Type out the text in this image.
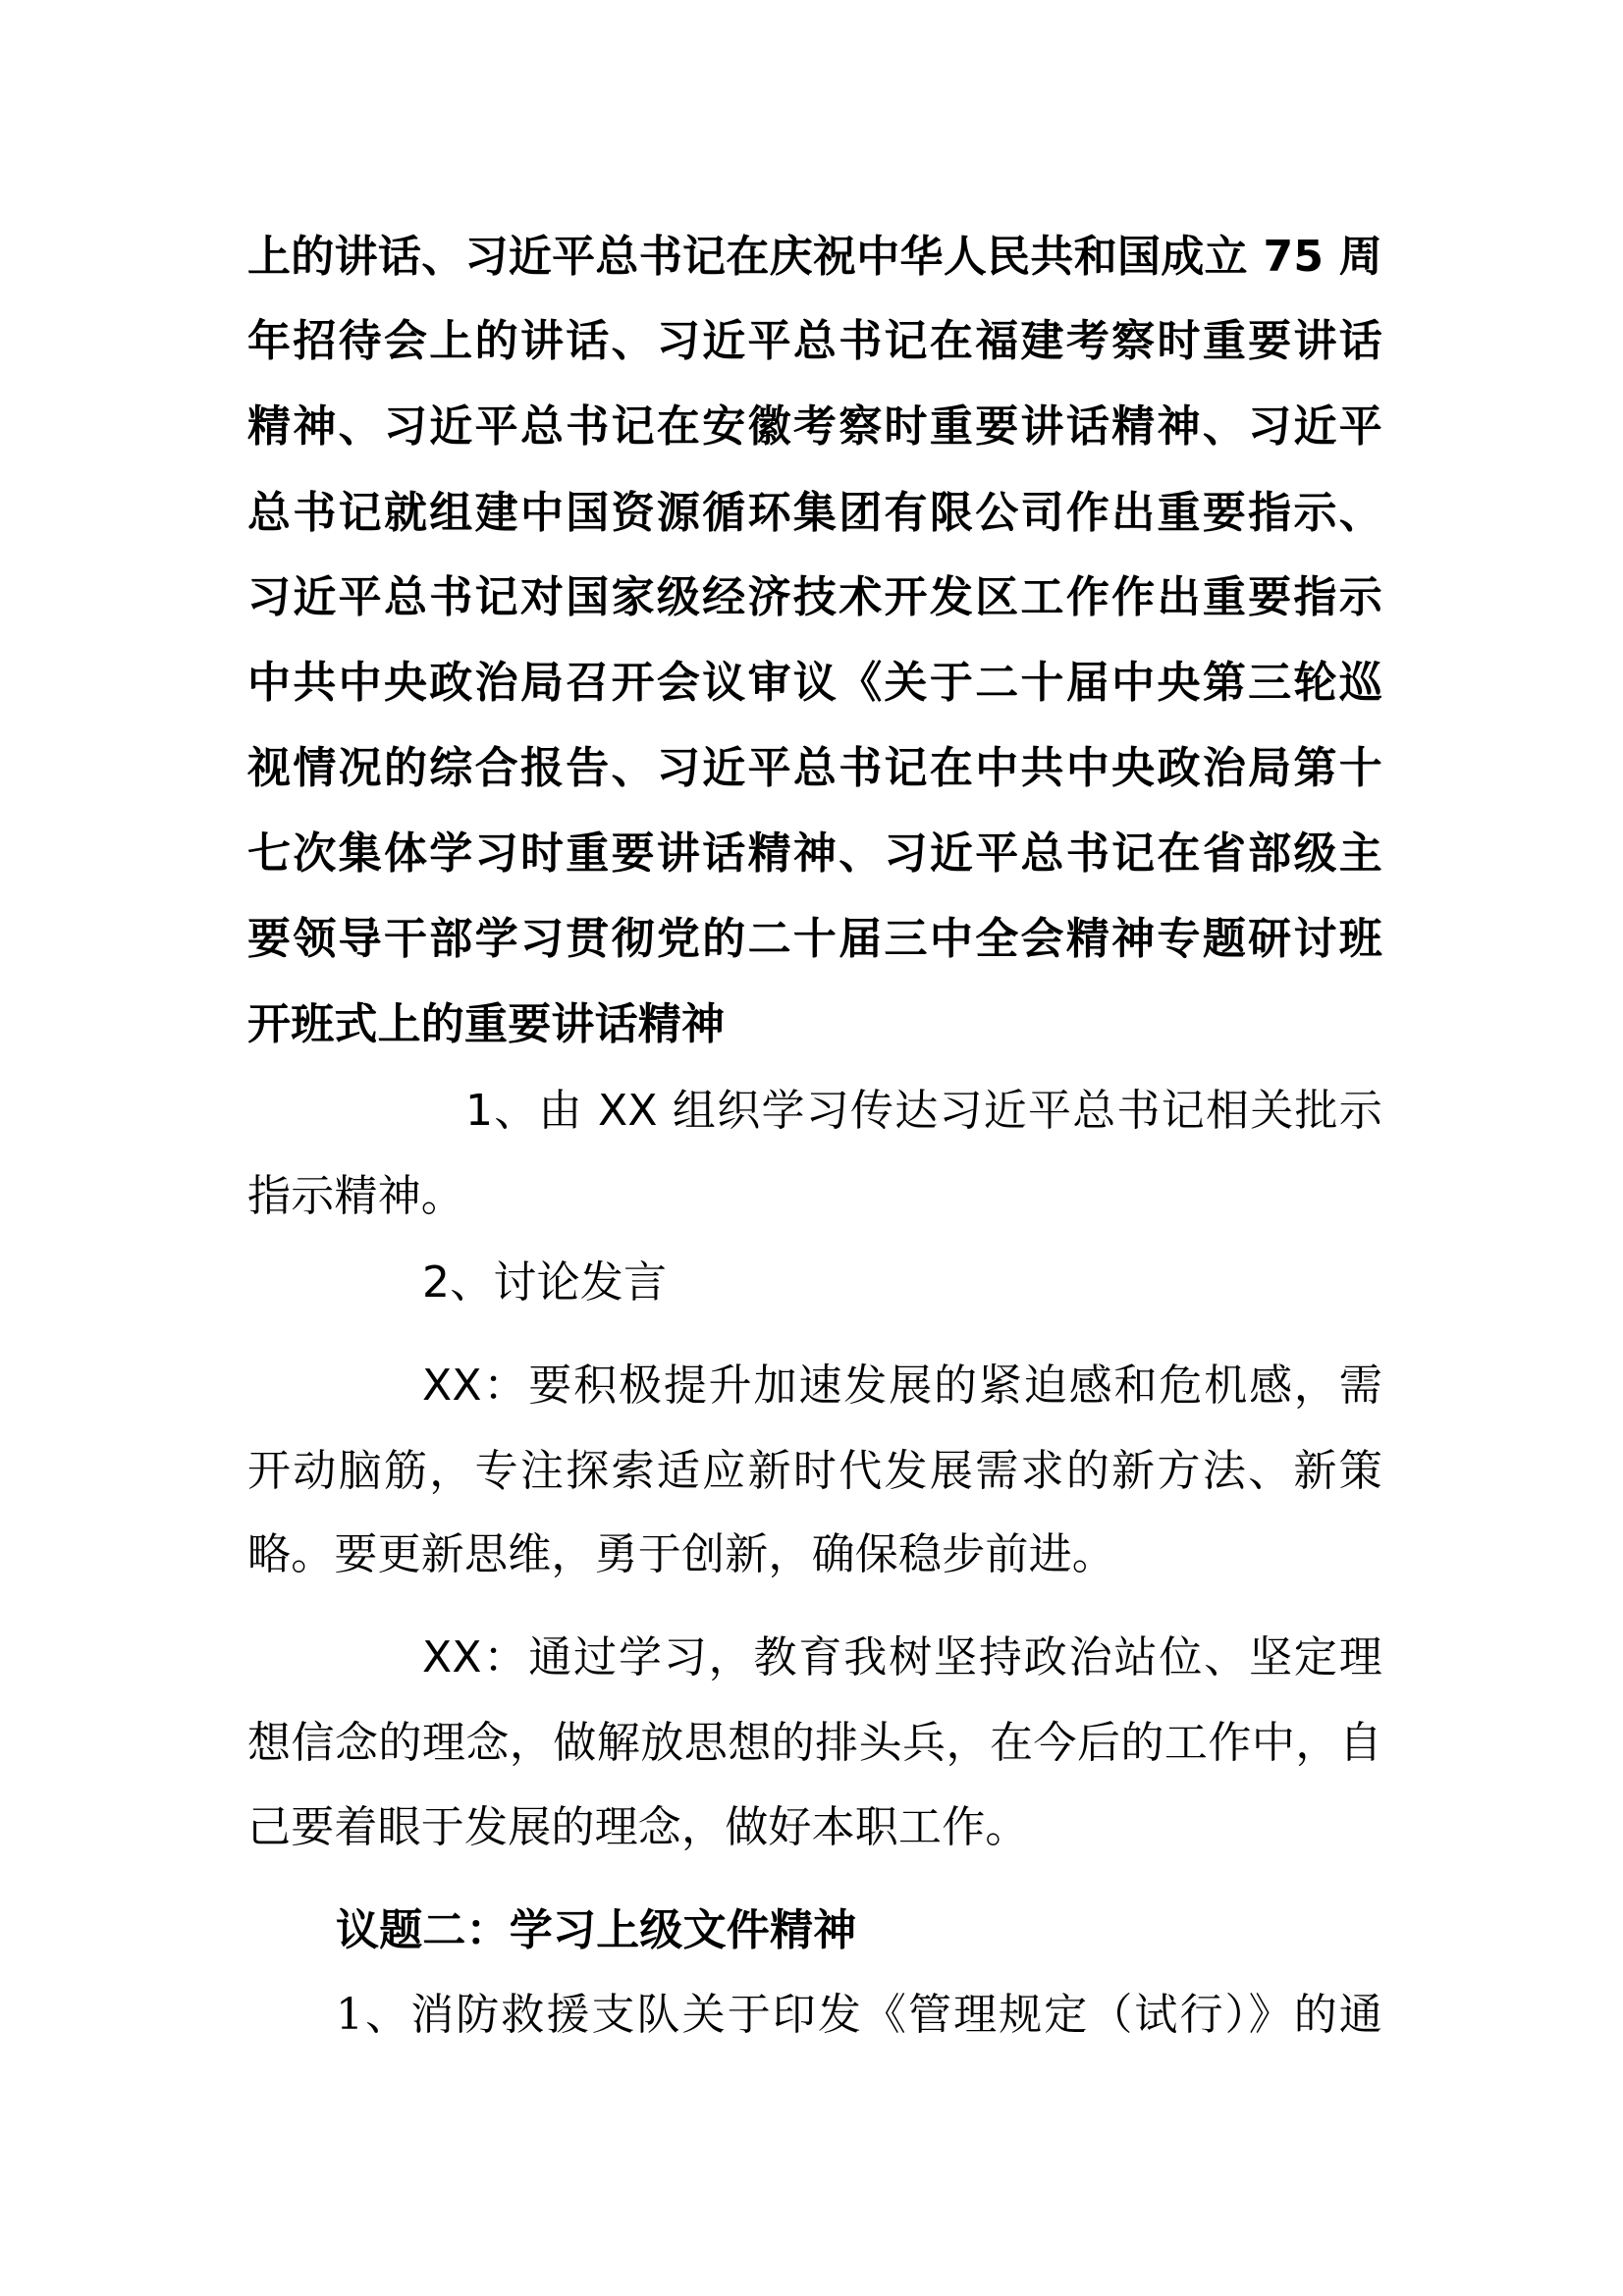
上的讲话、习近平总书记在庆祝中华人民共和国成立 75 周
年招待会上的讲话、习近平总书记在福建考察时重要讲话
精神、习近平总书记在安徽考察时重要讲话精神、习近平
总书记就组建中国资源循环集团有限公司作出重要指示、
习近平总书记对国家级经济技术开发区工作作出重要指示
中共中央政治局召开会议审议《关于二十届中央第三轮巡
视情况的综合报告、习近平总书记在中共中央政治局第十
七次集体学习时重要讲话精神、习近平总书记在省部级主
要领导干部学习贯彻党的二十届三中全会精神专题研讨班
开班式上的重要讲话精神
1、由 XX 组织学习传达习近平总书记相关批示
指示精神。
2、讨论发言
XX：要积极提升加速发展的紧迫感和危机感，需
开动脑筋，专注探索适应新时代发展需求的新方法、新策
略。要更新思维，勇于创新，确保稳步前进。
XX：通过学习，教育我树坚持政治站位、坚定理
想信念的理念，做解放思想的排头兵，在今后的工作中，自
己要着眼于发展的理念，做好本职工作。
议题二：学习上级文件精神
1、消防救援支队关于印发《管理规定（试行）》的通
